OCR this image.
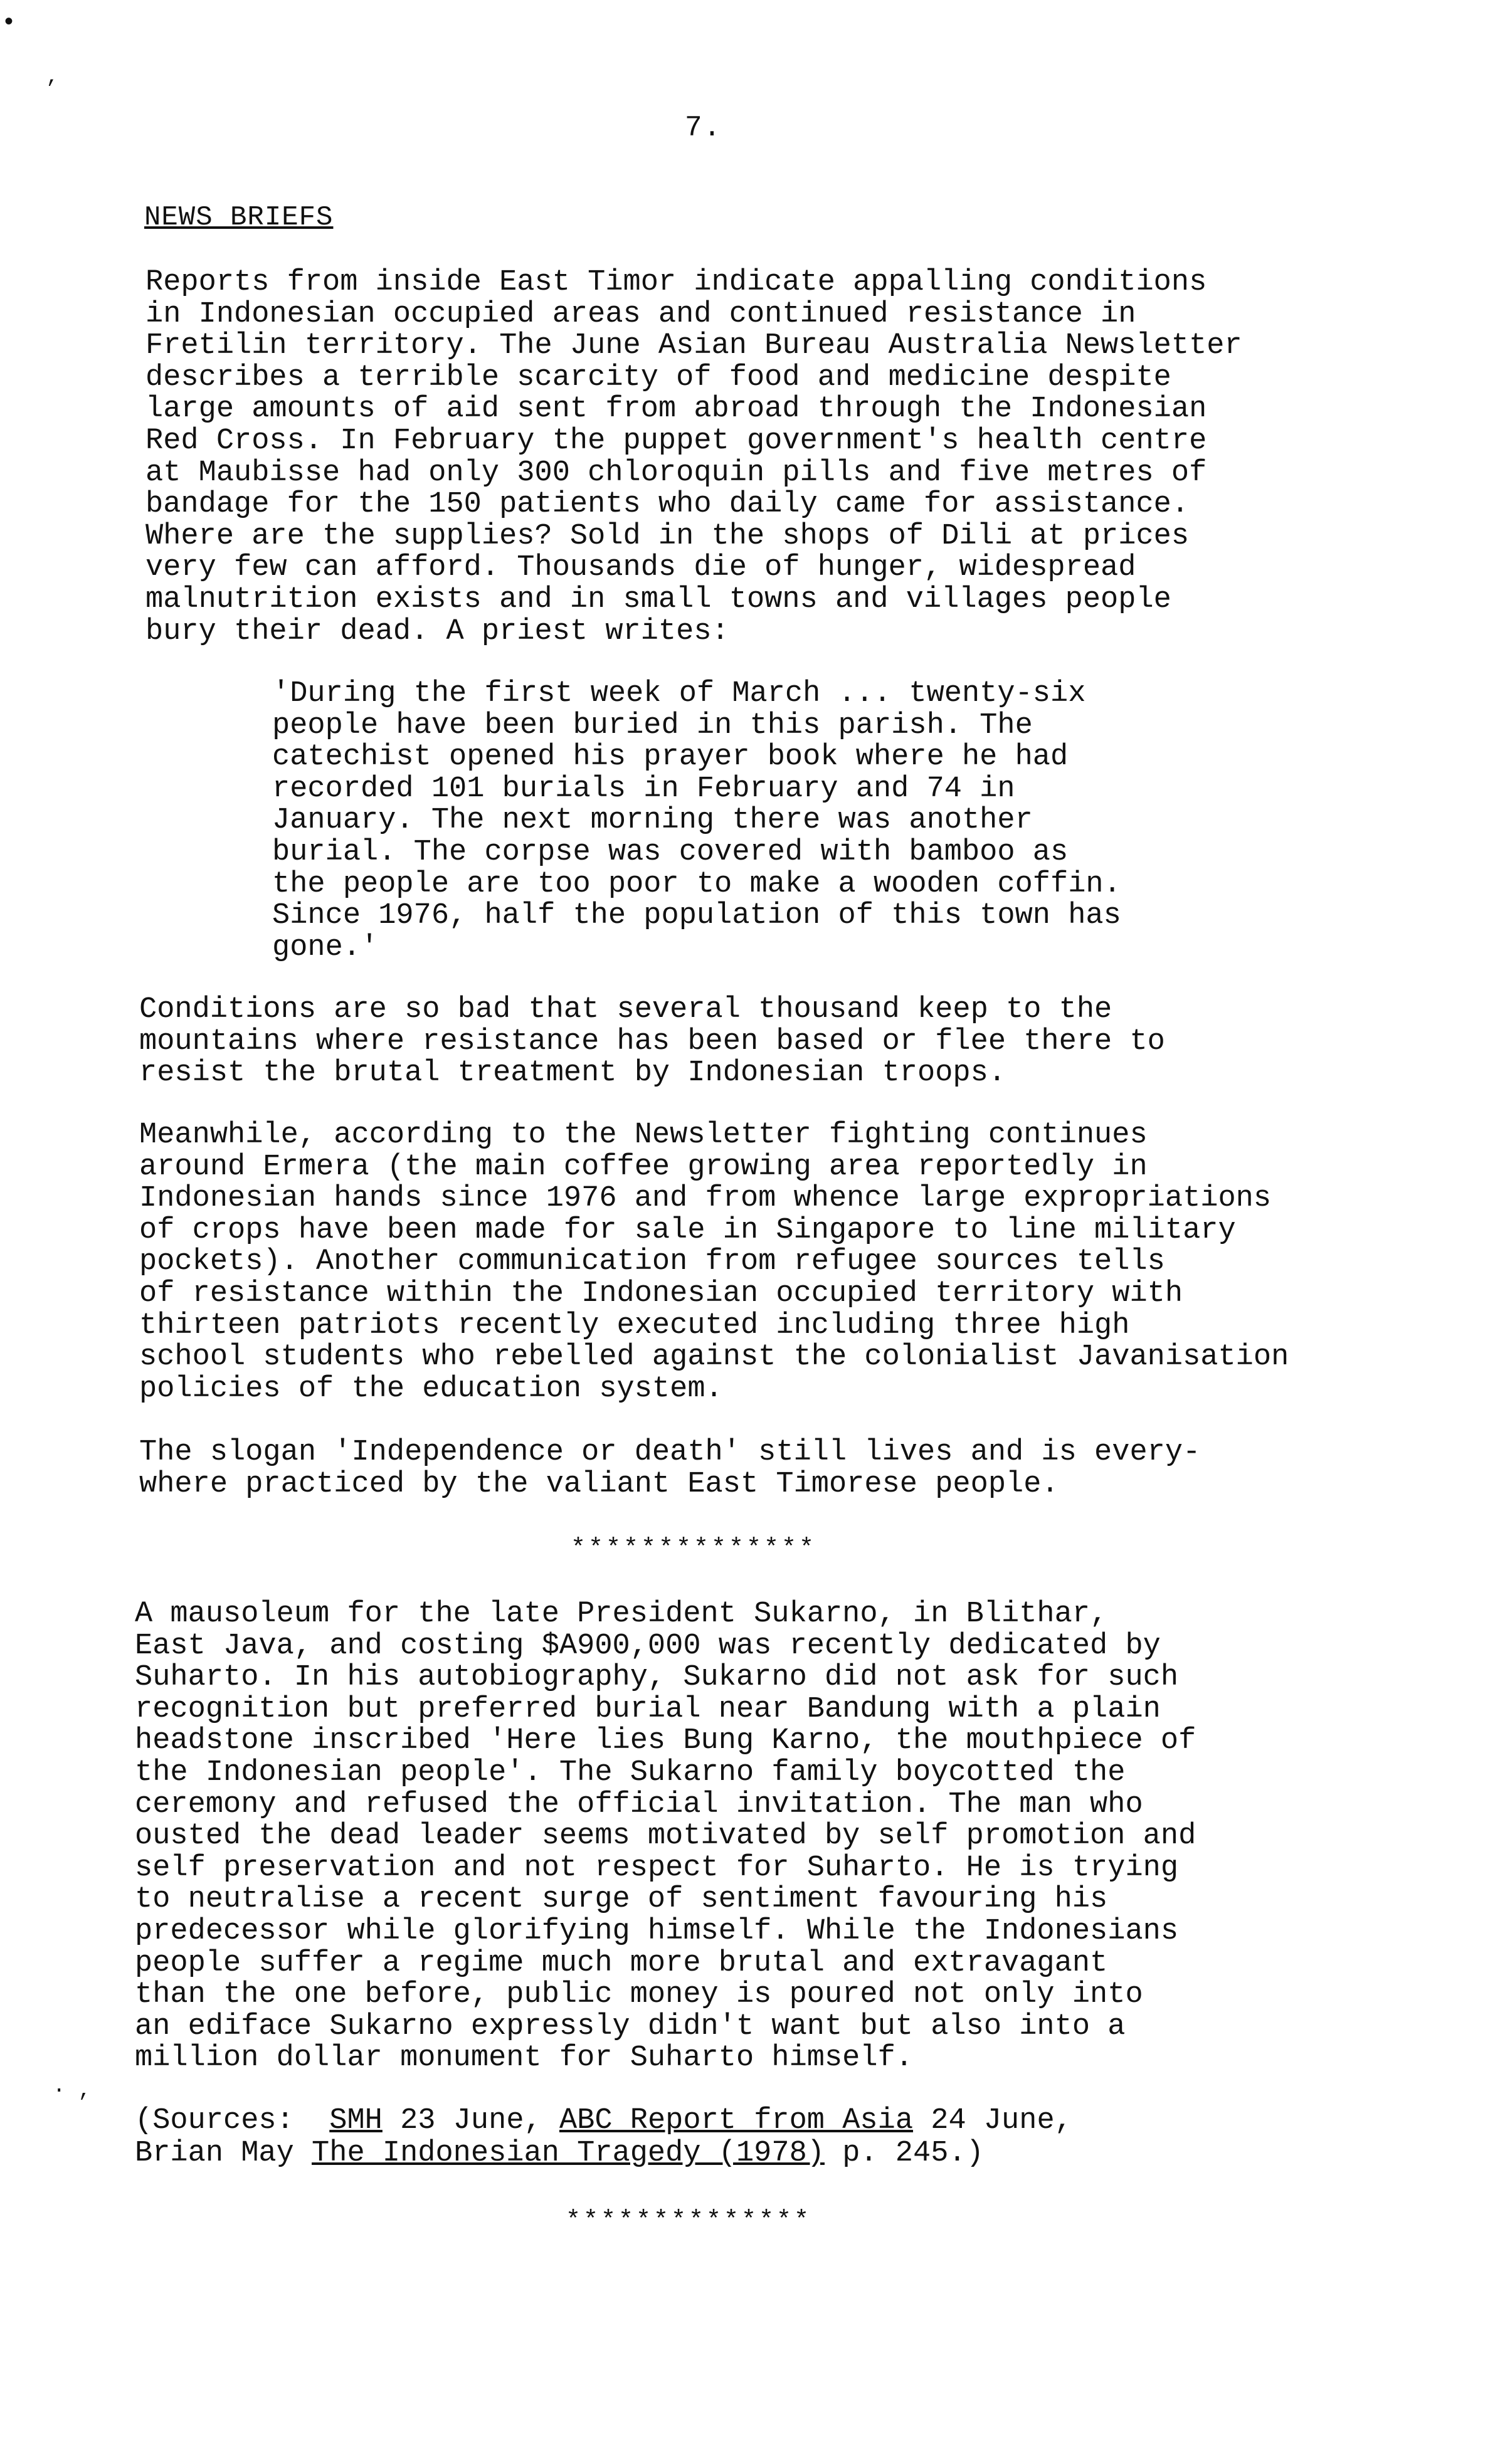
•
‚
· ,
7.
NEWS BRIEFS

Reports from inside East Timor indicate appalling conditions
in Indonesian occupied areas and continued resistance in
Fretilin territory. The June Asian Bureau Australia Newsletter
describes a terrible scarcity of food and medicine despite
large amounts of aid sent from abroad through the Indonesian
Red Cross. In February the puppet government's health centre
at Maubisse had only 300 chloroquin pills and five metres of
bandage for the 150 patients who daily came for assistance.
Where are the supplies? Sold in the shops of Dili at prices
very few can afford. Thousands die of hunger, widespread
malnutrition exists and in small towns and villages people
bury their dead. A priest writes:

'During the first week of March ... twenty-six
people have been buried in this parish. The
catechist opened his prayer book where he had
recorded 101 burials in February and 74 in
January. The next morning there was another
burial. The corpse was covered with bamboo as
the people are too poor to make a wooden coffin.
Since 1976, half the population of this town has
gone.'

Conditions are so bad that several thousand keep to the
mountains where resistance has been based or flee there to
resist the brutal treatment by Indonesian troops.

Meanwhile, according to the Newsletter fighting continues
around Ermera (the main coffee growing area reportedly in
Indonesian hands since 1976 and from whence large expropriations
of crops have been made for sale in Singapore to line military
pockets). Another communication from refugee sources tells
of resistance within the Indonesian occupied territory with
thirteen patriots recently executed including three high
school students who rebelled against the colonialist Javanisation
policies of the education system.

The slogan 'Independence or death' still lives and is every-
where practiced by the valiant East Timorese people.

**************

A mausoleum for the late President Sukarno, in Blithar,
East Java, and costing $A900,000 was recently dedicated by
Suharto. In his autobiography, Sukarno did not ask for such
recognition but preferred burial near Bandung with a plain
headstone inscribed 'Here lies Bung Karno, the mouthpiece of
the Indonesian people'. The Sukarno family boycotted the
ceremony and refused the official invitation. The man who
ousted the dead leader seems motivated by self promotion and
self preservation and not respect for Suharto. He is trying
to neutralise a recent surge of sentiment favouring his
predecessor while glorifying himself. While the Indonesians
people suffer a regime much more brutal and extravagant
than the one before, public money is poured not only into
an ediface Sukarno expressly didn't want but also into a
million dollar monument for Suharto himself.

(Sources:  SMH 23 June, ABC Report from Asia 24 June,
Brian May The Indonesian Tragedy (1978) p. 245.)

**************
